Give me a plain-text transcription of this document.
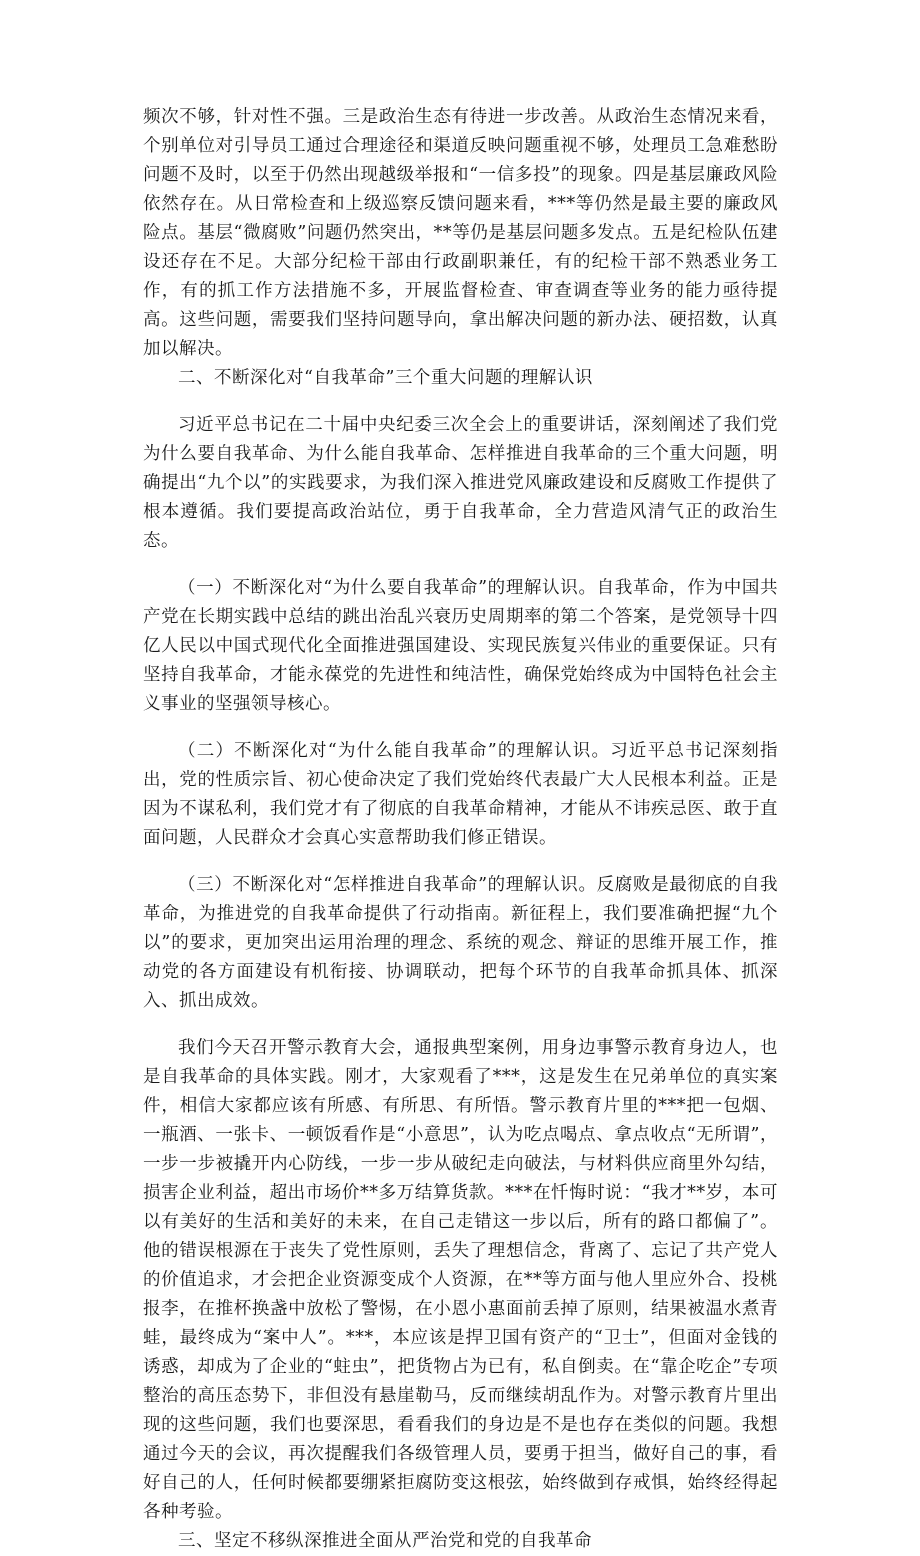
频次不够，针对性不强。三是政治生态有待进一步改善。从政治生态情况来看，个别单位对引导员工通过合理途径和渠道反映问题重视不够，处理员工急难愁盼问题不及时，以至于仍然出现越级举报和“一信多投”的现象。四是基层廉政风险依然存在。从日常检查和上级巡察反馈问题来看，***等仍然是最主要的廉政风险点。基层“微腐败”问题仍然突出，**等仍是基层问题多发点。五是纪检队伍建设还存在不足。大部分纪检干部由行政副职兼任，有的纪检干部不熟悉业务工作，有的抓工作方法措施不多，开展监督检查、审查调查等业务的能力亟待提高。这些问题，需要我们坚持问题导向，拿出解决问题的新办法、硬招数，认真加以解决。

二、不断深化对“自我革命”三个重大问题的理解认识

习近平总书记在二十届中央纪委三次全会上的重要讲话，深刻阐述了我们党为什么要自我革命、为什么能自我革命、怎样推进自我革命的三个重大问题，明确提出“九个以”的实践要求，为我们深入推进党风廉政建设和反腐败工作提供了根本遵循。我们要提高政治站位，勇于自我革命，全力营造风清气正的政治生态。

（一）不断深化对“为什么要自我革命”的理解认识。自我革命，作为中国共产党在长期实践中总结的跳出治乱兴衰历史周期率的第二个答案，是党领导十四亿人民以中国式现代化全面推进强国建设、实现民族复兴伟业的重要保证。只有坚持自我革命，才能永葆党的先进性和纯洁性，确保党始终成为中国特色社会主义事业的坚强领导核心。

（二）不断深化对“为什么能自我革命”的理解认识。习近平总书记深刻指出，党的性质宗旨、初心使命决定了我们党始终代表最广大人民根本利益。正是因为不谋私利，我们党才有了彻底的自我革命精神，才能从不讳疾忌医、敢于直面问题，人民群众才会真心实意帮助我们修正错误。

（三）不断深化对“怎样推进自我革命”的理解认识。反腐败是最彻底的自我革命，为推进党的自我革命提供了行动指南。新征程上，我们要准确把握“九个以”的要求，更加突出运用治理的理念、系统的观念、辩证的思维开展工作，推动党的各方面建设有机衔接、协调联动，把每个环节的自我革命抓具体、抓深入、抓出成效。

我们今天召开警示教育大会，通报典型案例，用身边事警示教育身边人，也是自我革命的具体实践。刚才，大家观看了***，这是发生在兄弟单位的真实案件，相信大家都应该有所感、有所思、有所悟。警示教育片里的***把一包烟、一瓶酒、一张卡、一顿饭看作是“小意思”，认为吃点喝点、拿点收点“无所谓”，一步一步被撬开内心防线，一步一步从破纪走向破法，与材料供应商里外勾结，损害企业利益，超出市场价**多万结算货款。***在忏悔时说：“我才**岁，本可以有美好的生活和美好的未来，在自己走错这一步以后，所有的路口都偏了”。他的错误根源在于丧失了党性原则，丢失了理想信念，背离了、忘记了共产党人的价值追求，才会把企业资源变成个人资源，在**等方面与他人里应外合、投桃报李，在推杯换盏中放松了警惕，在小恩小惠面前丢掉了原则，结果被温水煮青蛙，最终成为“案中人”。***，本应该是捍卫国有资产的“卫士”，但面对金钱的诱惑，却成为了企业的“蛀虫”，把货物占为已有，私自倒卖。在“靠企吃企”专项整治的高压态势下，非但没有悬崖勒马，反而继续胡乱作为。对警示教育片里出现的这些问题，我们也要深思，看看我们的身边是不是也存在类似的问题。我想通过今天的会议，再次提醒我们各级管理人员，要勇于担当，做好自己的事，看好自己的人，任何时候都要绷紧拒腐防变这根弦，始终做到存戒惧，始终经得起各种考验。

三、坚定不移纵深推进全面从严治党和党的自我革命
